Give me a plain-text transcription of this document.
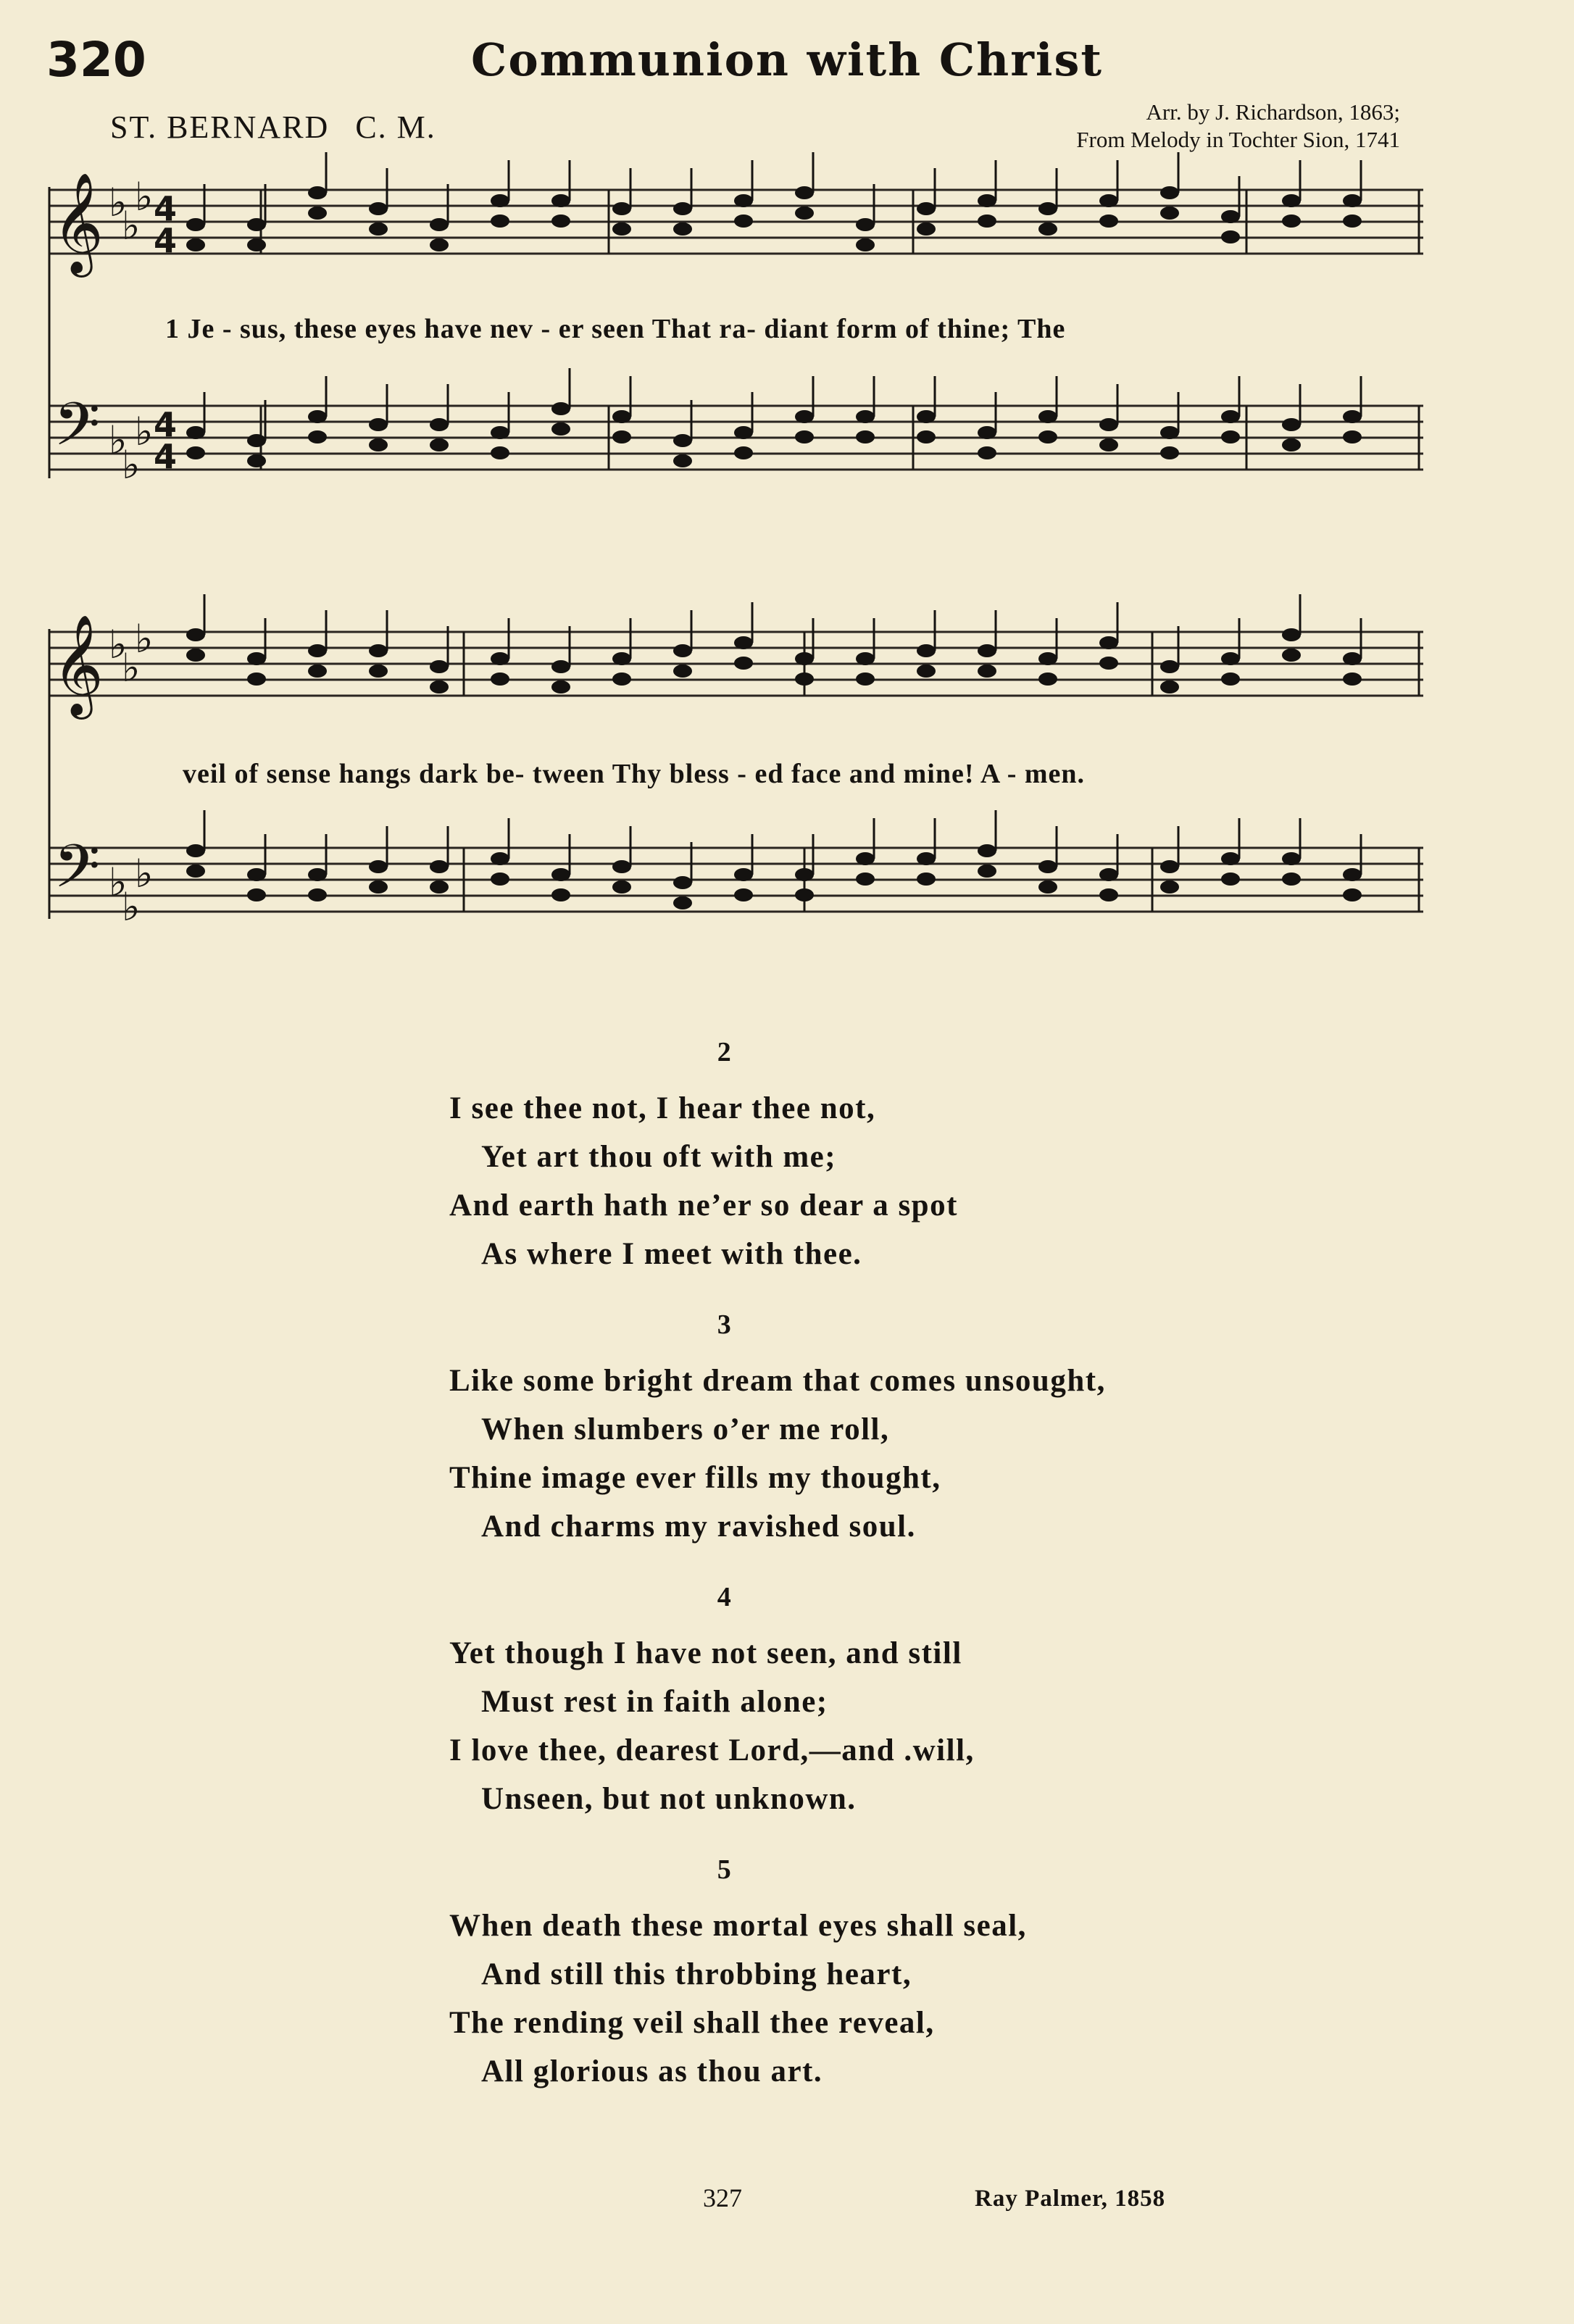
320	Communion with Christ
ST. BERNARD C. M.	Arr. by J. Richardson, 1863;
From Melody in Tochter Sion, 1741
𝄞 ♭
♭
♭ 4
4
𝄢 ♭
♭
♭ 4
4
𝄞 ♭
♭
♭
𝄢 ♭
♭
♭
1 Je - sus, these eyes have nev - er seen That ra- diant form of thine; The
veil of sense hangs dark be- tween Thy bless - ed face and mine! A - men.
2
I see thee not, I hear thee not,
Yet art thou oft with me;
And earth hath ne’er so dear a spot
As where I meet with thee.
3
Like some bright dream that comes unsought,
When slumbers o’er me roll,
Thine image ever fills my thought,
And charms my ravished soul.
4
Yet though I have not seen, and still
Must rest in faith alone;
I love thee, dearest Lord,—and .will,
Unseen, but not unknown.
5
When death these mortal eyes shall seal,
And still this throbbing heart,
The rending veil shall thee reveal,
All glorious as thou art.
327	Ray Palmer, 1858
